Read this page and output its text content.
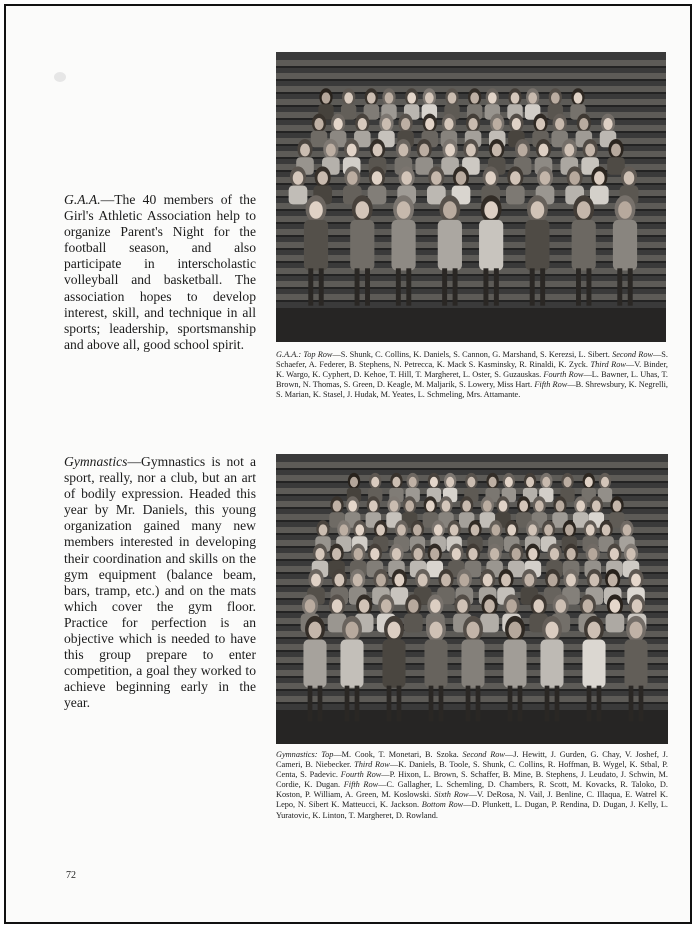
G.A.A.—The 40 members of the Girl's Athletic Association help to organize Parent's Night for the football season, and also participate in interscholastic volleyball and basketball. The association hopes to develop interest, skill, and technique in all sports; leadership, sportsmanship and above all, good school spirit.

G.A.A.: Top Row—S. Shunk, C. Collins, K. Daniels, S. Cannon, G. Marshand, S. Kerezsi, L. Sibert. Second Row—S. Schaefer, A. Federer, B. Stephens, N. Petrecca, K. Mack S. Kasminsky, R. Rinaldi, K. Zyck. Third Row—V. Binder, K. Wargo, K. Cyphert, D. Kehoe, T. Hill, T. Margheret, L. Oster, S. Guzauskas. Fourth Row—L. Bawner, L. Uhas, T. Brown, N. Thomas, S. Green, D. Keagle, M. Maljarik, S. Lowery, Miss Hart. Fifth Row—B. Shrewsbury, K. Negrelli, S. Marian, K. Stasel, J. Hudak, M. Yeates, L. Schmeling, Mrs. Attamante.

Gymnastics—Gymnastics is not a sport, really, nor a club, but an art of bodily expression. Headed this year by Mr. Daniels, this young organization gained many new members interested in developing their coordination and skills on the gym equipment (balance beam, bars, tramp, etc.) and on the mats which cover the gym floor. Practice for perfection is an objective which is needed to have this group prepare to enter competition, a goal they worked to achieve beginning early in the year.

Gymnastics: Top—M. Cook, T. Monetari, B. Szoka. Second Row—J. Hewitt, J. Gurden, G. Chay, V. Joshef, J. Cameri, B. Niebecker. Third Row—K. Daniels, B. Toole, S. Shunk, C. Collins, R. Hoffman, B. Wygel, K. Stbal, P. Centa, S. Padevic. Fourth Row—P. Hixon, L. Brown, S. Schaffer, B. Mine, B. Stephens, J. Leudato, J. Schwin, M. Cordie, K. Dugan. Fifth Row—C. Gallagher, L. Schemling, D. Chambers, R. Scott, M. Kovacks, R. Taloko, D. Koston, P. William, A. Green, M. Koslowski. Sixth Row—V. DeRosa, N. Vail, J. Benline, C. Illaqua, E. Watrel K. Lepo, N. Sibert K. Matteucci, K. Jackson. Bottom Row—D. Plunkett, L. Dugan, P. Rendina, D. Dugan, J. Kelly, L. Yuratovic, K. Linton, T. Margheret, D. Rowland.

72
